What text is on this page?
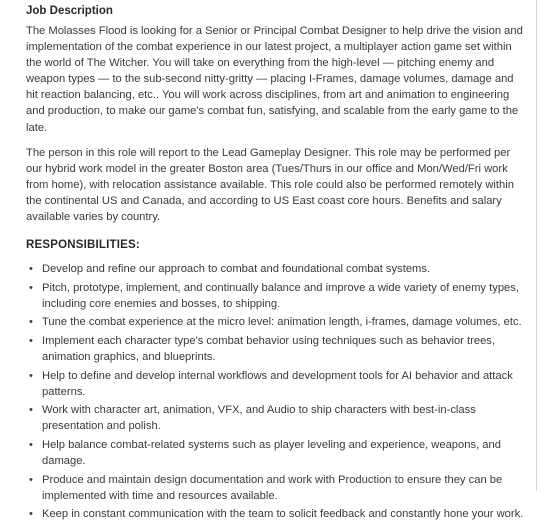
Job Description

The Molasses Flood is looking for a Senior or Principal Combat Designer to help drive the vision and implementation of the combat experience in our latest project, a multiplayer action game set within the world of The Witcher. You will take on everything from the high-level — pitching enemy and weapon types — to the sub-second nitty-gritty — placing I-Frames, damage volumes, damage and hit reaction balancing, etc.. You will work across disciplines, from art and animation to engineering and production, to make our game's combat fun, satisfying, and scalable from the early game to the late.

The person in this role will report to the Lead Gameplay Designer. This role may be performed per our hybrid work model in the greater Boston area (Tues/Thurs in our office and Mon/Wed/Fri work from home), with relocation assistance available. This role could also be performed remotely within the continental US and Canada, and according to US East coast core hours. Benefits and salary available varies by country.

RESPONSIBILITIES:
• Develop and refine our approach to combat and foundational combat systems.
• Pitch, prototype, implement, and continually balance and improve a wide variety of enemy types, including core enemies and bosses, to shipping.
• Tune the combat experience at the micro level: animation length, i-frames, damage volumes, etc.
• Implement each character type's combat behavior using techniques such as behavior trees, animation graphics, and blueprints.
• Help to define and develop internal workflows and development tools for AI behavior and attack patterns.
• Work with character art, animation, VFX, and Audio to ship characters with best-in-class presentation and polish.
• Help balance combat-related systems such as player leveling and experience, weapons, and damage.
• Produce and maintain design documentation and work with Production to ensure they can be implemented with time and resources available.
• Keep in constant communication with the team to solicit feedback and constantly hone your work.
